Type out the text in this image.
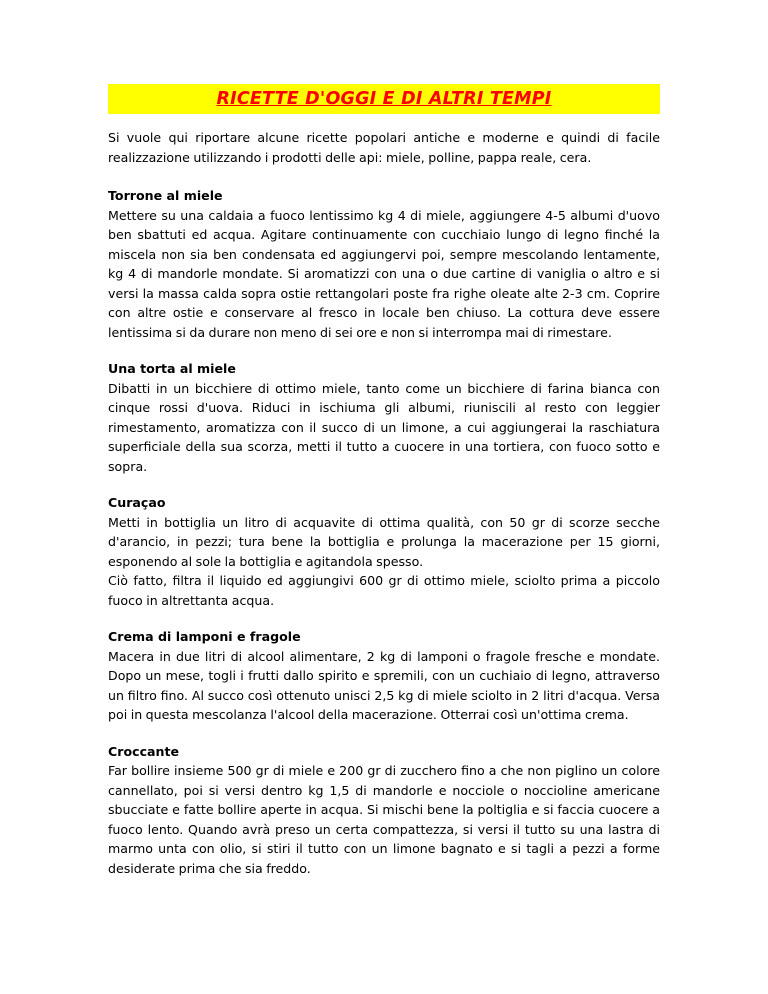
RICETTE D'OGGI E DI ALTRI TEMPI

Si vuole qui riportare alcune ricette popolari antiche e moderne e quindi di facile realizzazione utilizzando i prodotti delle api: miele, polline, pappa reale, cera.

Torrone al miele

Mettere su una caldaia a fuoco lentissimo kg 4 di miele, aggiungere 4-5 albumi d'uovo ben sbattuti ed acqua. Agitare continuamente con cucchiaio lungo di legno finché la miscela non sia ben condensata ed aggiungervi poi, sempre mescolando lentamente, kg 4 di mandorle mondate. Si aromatizzi con una o due cartine di vaniglia o altro e si versi la massa calda sopra ostie rettangolari poste fra righe oleate alte 2-3 cm. Coprire con altre ostie e conservare al fresco in locale ben chiuso. La cottura deve essere lentissima si da durare non meno di sei ore e non si interrompa mai di rimestare.

Una torta al miele

Dibatti in un bicchiere di ottimo miele, tanto come un bicchiere di farina bianca con cinque rossi d'uova. Riduci in ischiuma gli albumi, riuniscili al resto con leggier rimestamento, aromatizza con il succo di un limone, a cui aggiungerai la raschiatura superficiale della sua scorza, metti il tutto a cuocere in una tortiera, con fuoco sotto e sopra.

Curaçao

Metti in bottiglia un litro di acquavite di ottima qualità, con 50 gr di scorze secche d'arancio, in pezzi; tura bene la bottiglia e prolunga la macerazione per 15 giorni, esponendo al sole la bottiglia e agitandola spesso.

Ciò fatto, filtra il liquido ed aggiungivi 600 gr di ottimo miele, sciolto prima a piccolo fuoco in altrettanta acqua.

Crema di lamponi e fragole

Macera in due litri di alcool alimentare, 2 kg di lamponi o fragole fresche e mondate. Dopo un mese, togli i frutti dallo spirito e spremili, con un cuchiaio di legno, attraverso un filtro fino. Al succo così ottenuto unisci 2,5 kg di miele sciolto in 2 litri d'acqua. Versa poi in questa mescolanza l'alcool della macerazione. Otterrai così un'ottima crema.

Croccante

Far bollire insieme 500 gr di miele e 200 gr di zucchero fino a che non piglino un colore cannellato, poi si versi dentro kg 1,5 di mandorle e nocciole o noccioline americane sbucciate e fatte bollire aperte in acqua. Si mischi bene la poltiglia e si faccia cuocere a fuoco lento. Quando avrà preso un certa compattezza, si versi il tutto su una lastra di marmo unta con olio, si stiri il tutto con un limone bagnato e si tagli a pezzi a forme desiderate prima che sia freddo.
